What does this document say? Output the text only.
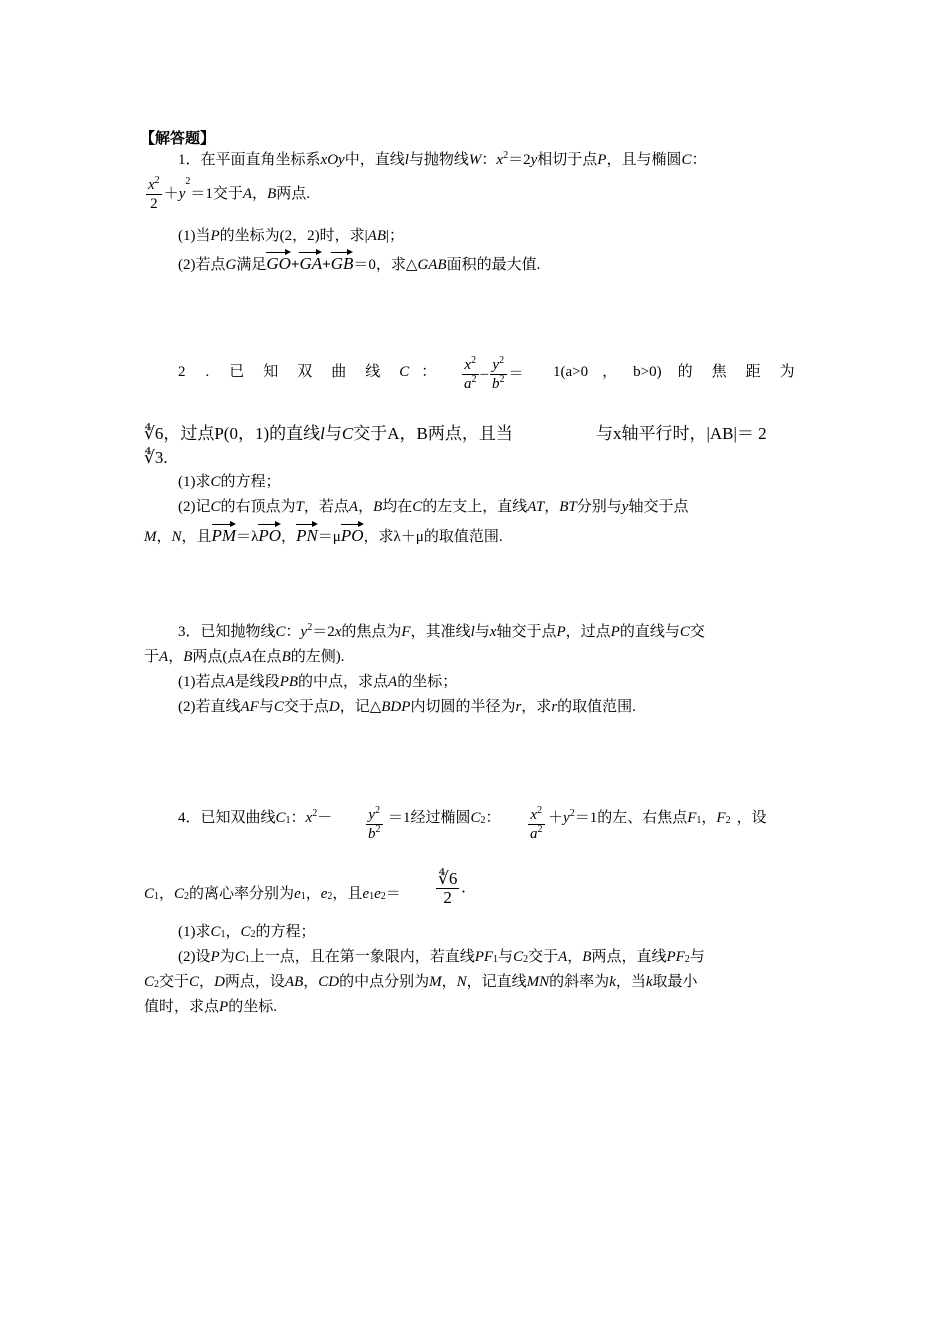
【解答题】
1．在平面直角坐标系xOy中，直线l与抛物线W：$x^2=2y$相切于点P，且与椭圆C：
$\frac{x^2}{2} +y^2=1$交于A，B两点.
(1)当P的坐标为(2，2)时，求|AB|；
(2)若点G满足GO+GA+GB＝0，求△GAB面积的最大值.
2 . 已知双曲线C ： $\frac{x^2}{a^2} - \frac{y^2}{b^2} = 1(a>0$ ， b>0) 的焦距为
∜6，过点P(0，1)的直线l与C交于A，B两点，且当	与x轴平行时，|AB|＝ 2
∜3.
(1)求C的方程；
(2)记C的右顶点为T，若点A，B均在C的左支上，直线AT，BT分别与y轴交于点
M，N，且PM＝λPO，PN＝μPO，求λ＋μ的取值范围.
3．已知抛物线C：$y^2=2x$的焦点为F，其准线l与x轴交于点P，过点P的直线与C交
于A，B两点(点A在点B的左侧).
(1)若点A是线段PB的中点，求点A的坐标；
(2)若直线AF与C交于点D，记△BDP内切圆的半径为r，求r的取值范围.
4．已知双曲线$C_1$：$x^2- \frac{y^2}{b^2} =1$经过椭圆$C_2$： $\frac{x^2}{a^2} +y^2=1$的左、右焦点$F_1$，$F_2$ ，设
$C_1$，$C_2$的离心率分别为$e_1$，$e_2$，且$e_1e_2= \frac{∜6}{2}$ .
(1)求$C_1$，$C_2$的方程；
(2)设P为$C_1$上一点，且在第一象限内，若直线$PF_1$与$C_2$交于A，B两点，直线$PF_2$与
$C_2$交于C，D两点，设AB，CD的中点分别为M，N，记直线MN的斜率为k，当k取最小
值时，求点P的坐标.
